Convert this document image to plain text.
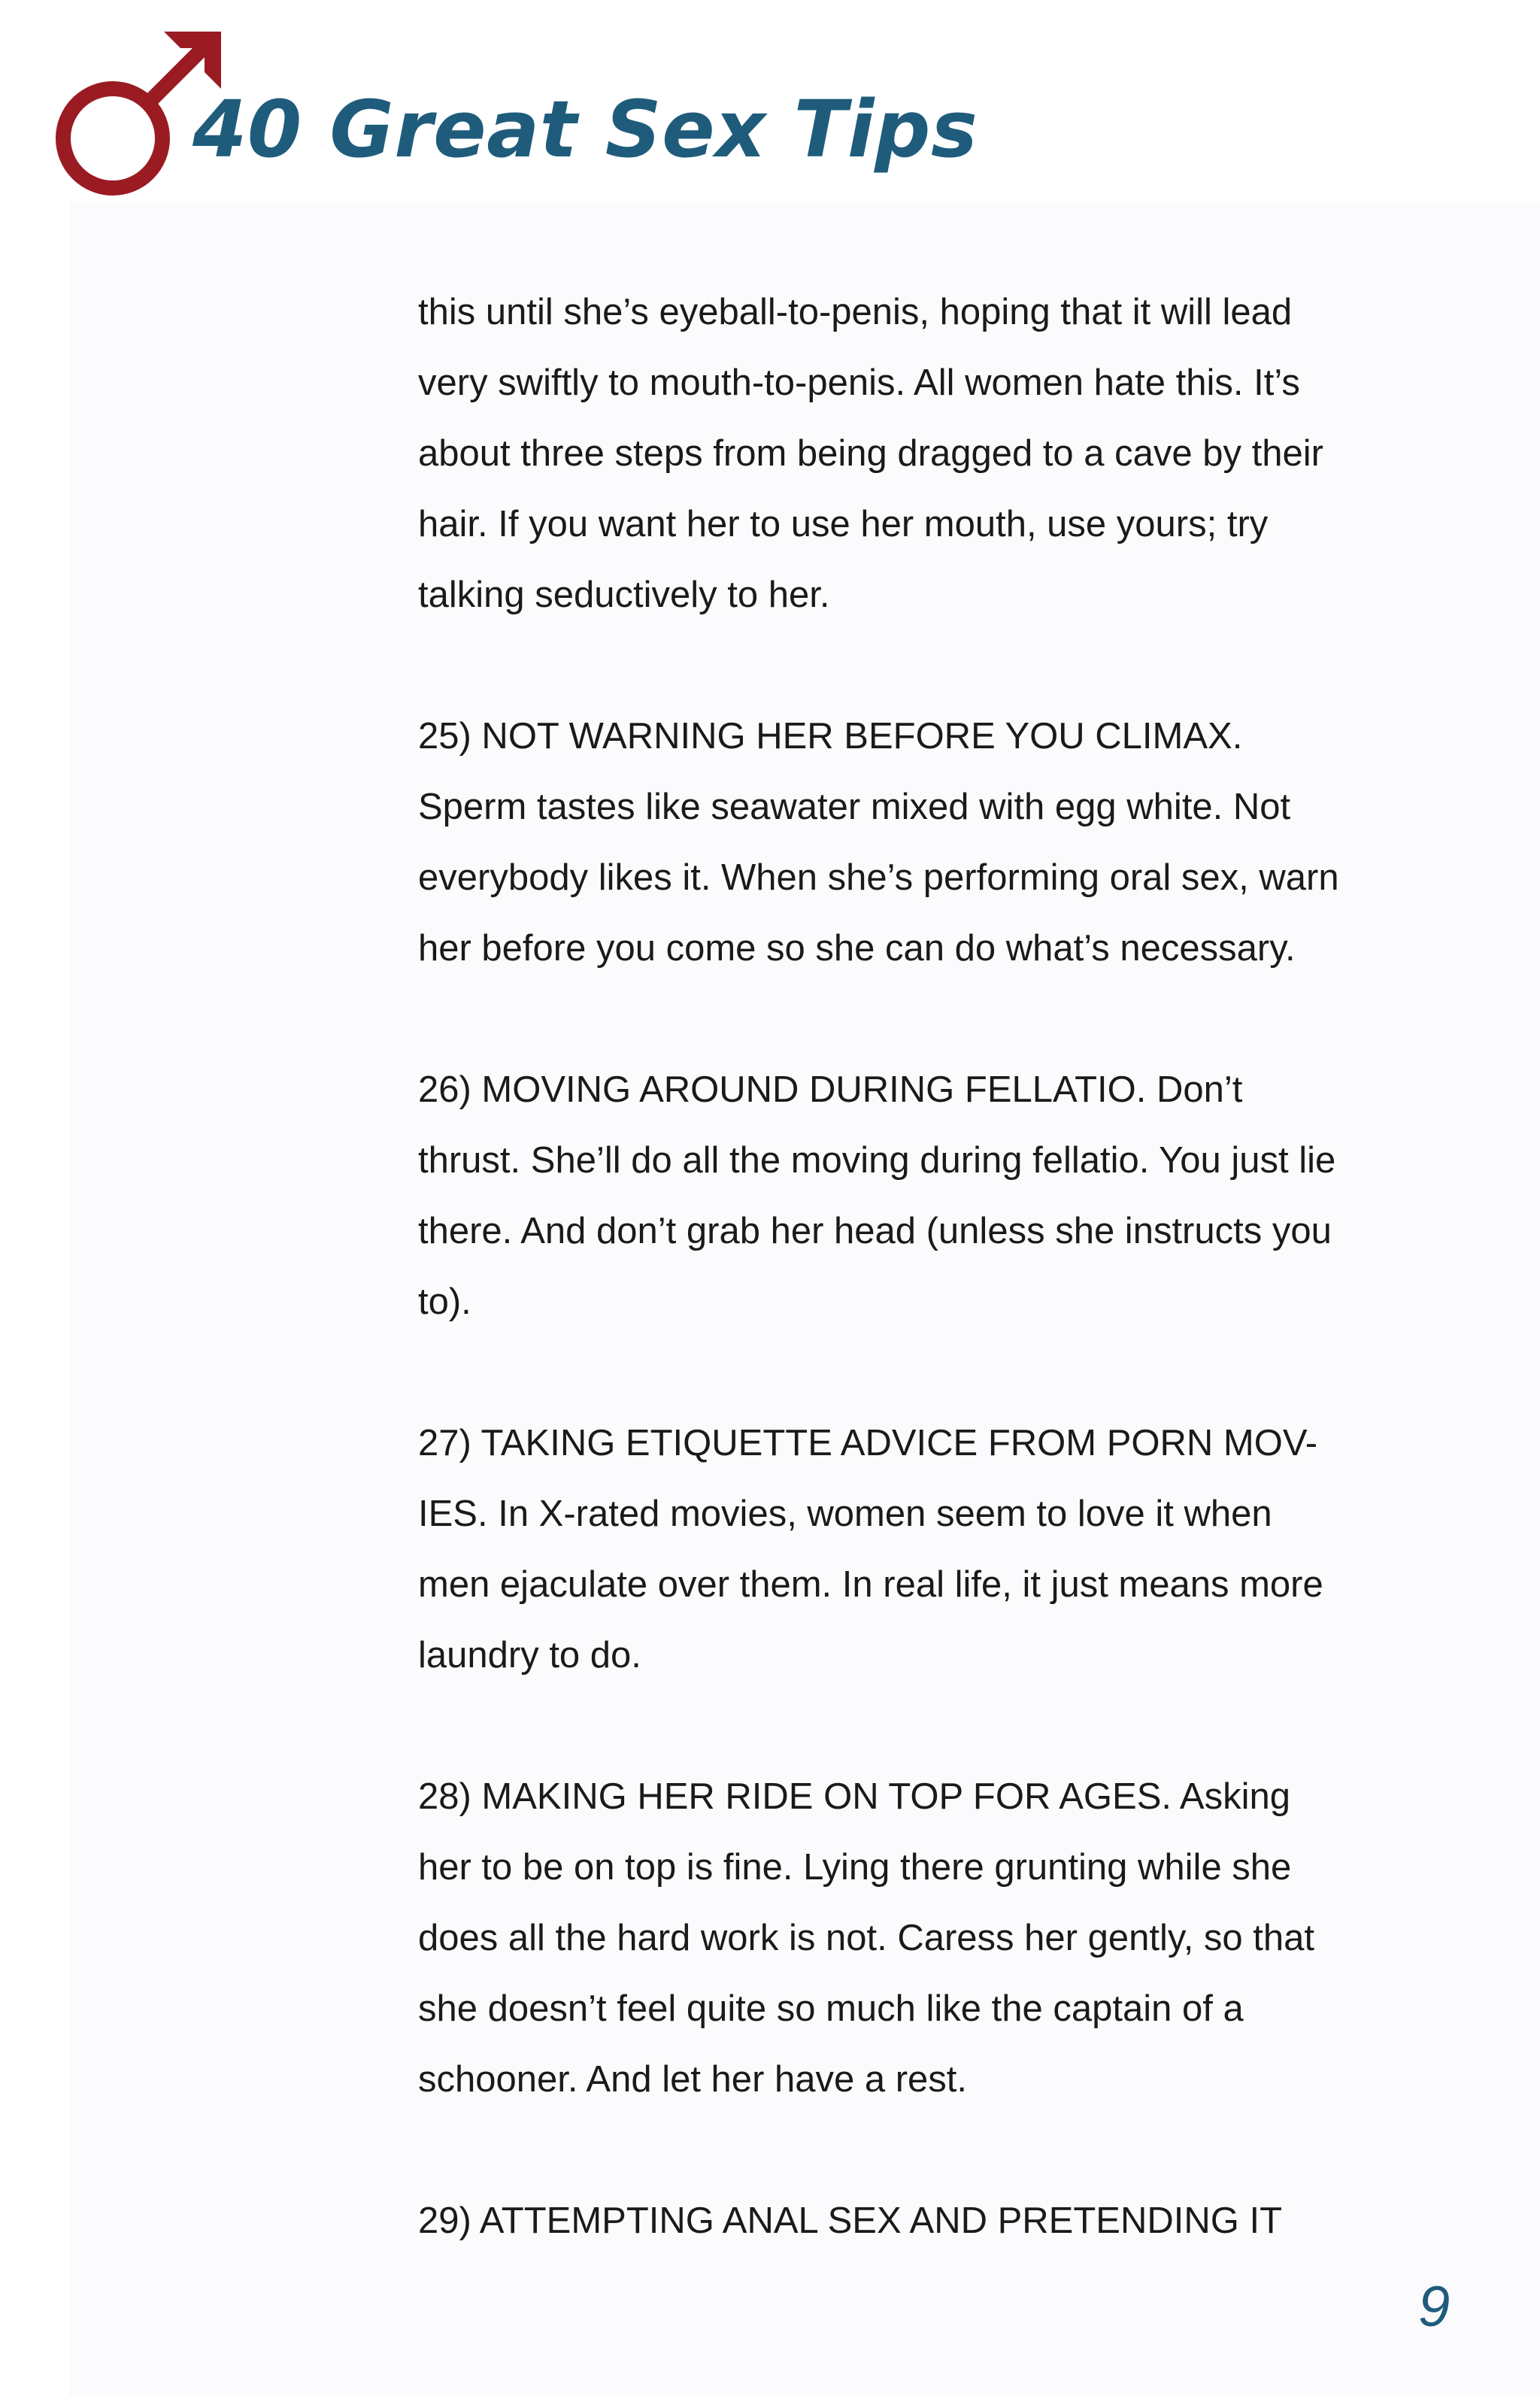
40 Great Sex Tips

this until she’s eyeball-to-penis, hoping that it will lead
very swiftly to mouth-to-penis. All women hate this. It’s
about three steps from being dragged to a cave by their
hair. If you want her to use her mouth, use yours; try
talking seductively to her.

25) NOT WARNING HER BEFORE YOU CLIMAX.
Sperm tastes like seawater mixed with egg white. Not
everybody likes it. When she’s performing oral sex, warn
her before you come so she can do what’s necessary.

26) MOVING AROUND DURING FELLATIO. Don’t
thrust. She’ll do all the moving during fellatio. You just lie
there. And don’t grab her head (unless she instructs you
to).

27) TAKING ETIQUETTE ADVICE FROM PORN MOV-
IES. In X-rated movies, women seem to love it when
men ejaculate over them. In real life, it just means more
laundry to do.

28) MAKING HER RIDE ON TOP FOR AGES. Asking
her to be on top is fine. Lying there grunting while she
does all the hard work is not. Caress her gently, so that
she doesn’t feel quite so much like the captain of a
schooner. And let her have a rest.

29) ATTEMPTING ANAL SEX AND PRETENDING IT

9
